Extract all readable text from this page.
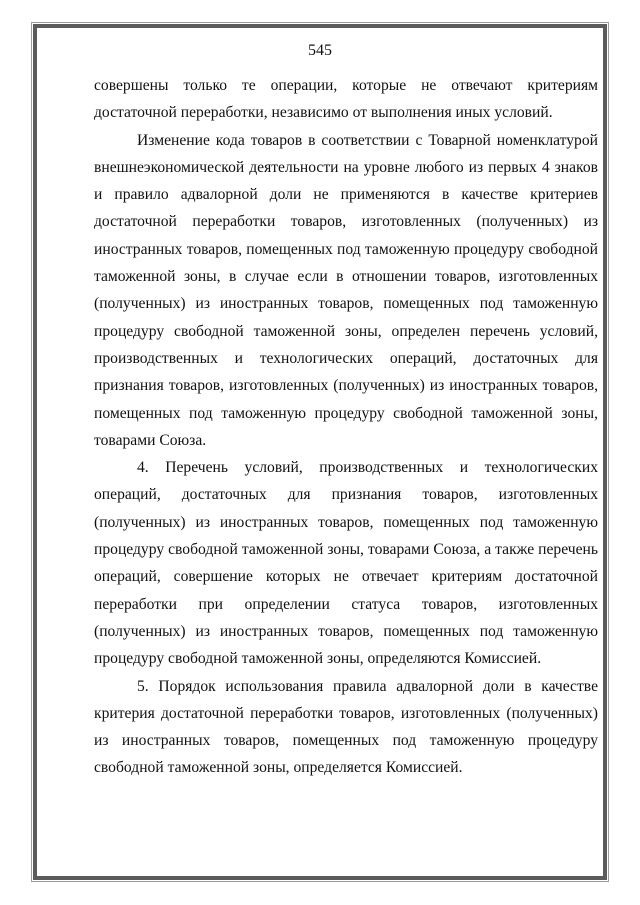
545

совершены только те операции, которые не отвечают критериям достаточной переработки, независимо от выполнения иных условий.

Изменение кода товаров в соответствии с Товарной номенклатурой внешнеэкономической деятельности на уровне любого из первых 4 знаков и правило адвалорной доли не применяются в качестве критериев достаточной переработки товаров, изготовленных (полученных) из иностранных товаров, помещенных под таможенную процедуру свободной таможенной зоны, в случае если в отношении товаров, изготовленных (полученных) из иностранных товаров, помещенных под таможенную процедуру свободной таможенной зоны, определен перечень условий, производственных и технологических операций, достаточных для признания товаров, изготовленных (полученных) из иностранных товаров, помещенных под таможенную процедуру свободной таможенной зоны, товарами Союза.

4. Перечень условий, производственных и технологических операций, достаточных для признания товаров, изготовленных (полученных) из иностранных товаров, помещенных под таможенную процедуру свободной таможенной зоны, товарами Союза, а также перечень операций, совершение которых не отвечает критериям достаточной переработки при определении статуса товаров, изготовленных (полученных) из иностранных товаров, помещенных под таможенную процедуру свободной таможенной зоны, определяются Комиссией.

5. Порядок использования правила адвалорной доли в качестве критерия достаточной переработки товаров, изготовленных (полученных) из иностранных товаров, помещенных под таможенную процедуру свободной таможенной зоны, определяется Комиссией.
